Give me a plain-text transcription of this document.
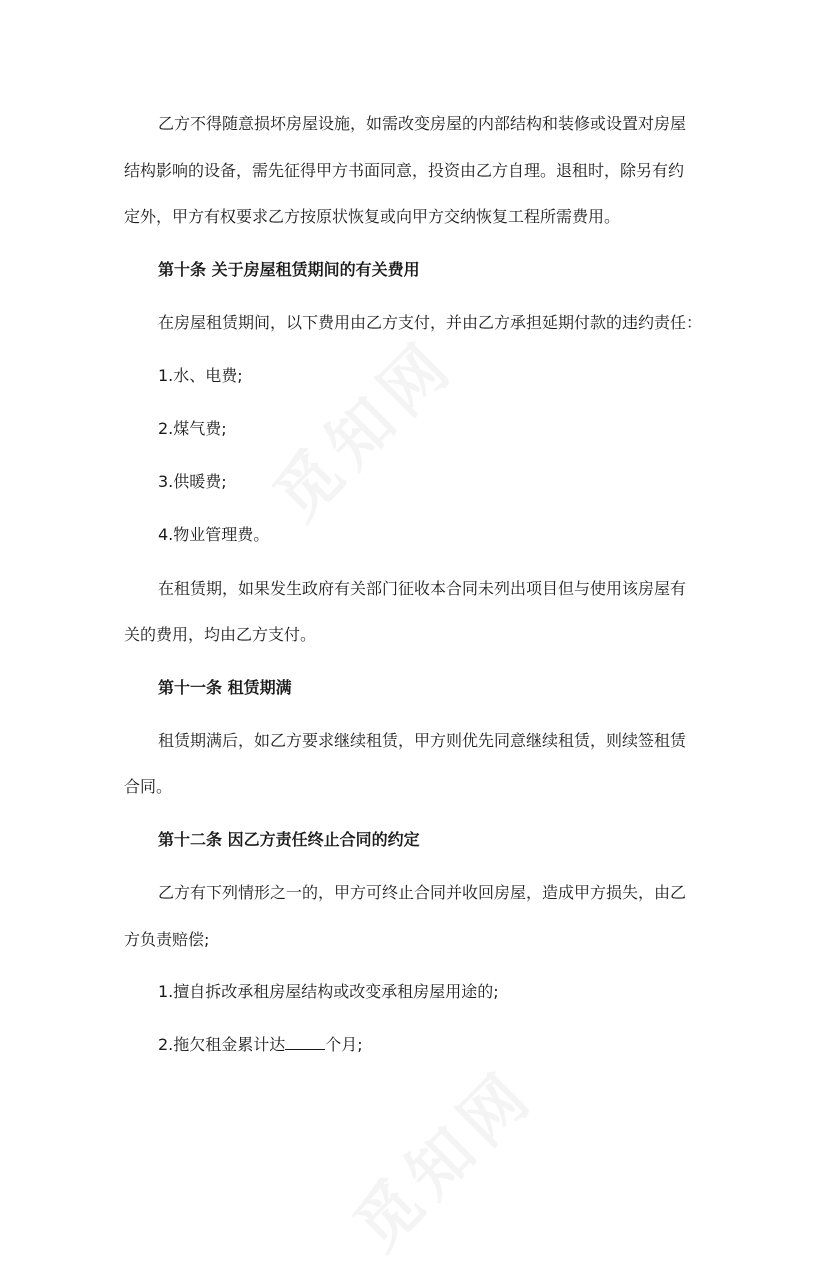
乙方不得随意损坏房屋设施，如需改变房屋的内部结构和装修或设置对房屋
结构影响的设备，需先征得甲方书面同意，投资由乙方自理。退租时，除另有约
定外，甲方有权要求乙方按原状恢复或向甲方交纳恢复工程所需费用。
第十条 关于房屋租赁期间的有关费用
在房屋租赁期间，以下费用由乙方支付，并由乙方承担延期付款的违约责任：
1.水、电费;
2.煤气费;
3.供暖费;
4.物业管理费。
在租赁期，如果发生政府有关部门征收本合同未列出项目但与使用该房屋有
关的费用，均由乙方支付。
第十一条 租赁期满
租赁期满后，如乙方要求继续租赁，甲方则优先同意继续租赁，则续签租赁
合同。
第十二条 因乙方责任终止合同的约定
乙方有下列情形之一的，甲方可终止合同并收回房屋，造成甲方损失，由乙
方负责赔偿;
1.擅自拆改承租房屋结构或改变承租房屋用途的;
2.拖欠租金累计达	个月;
